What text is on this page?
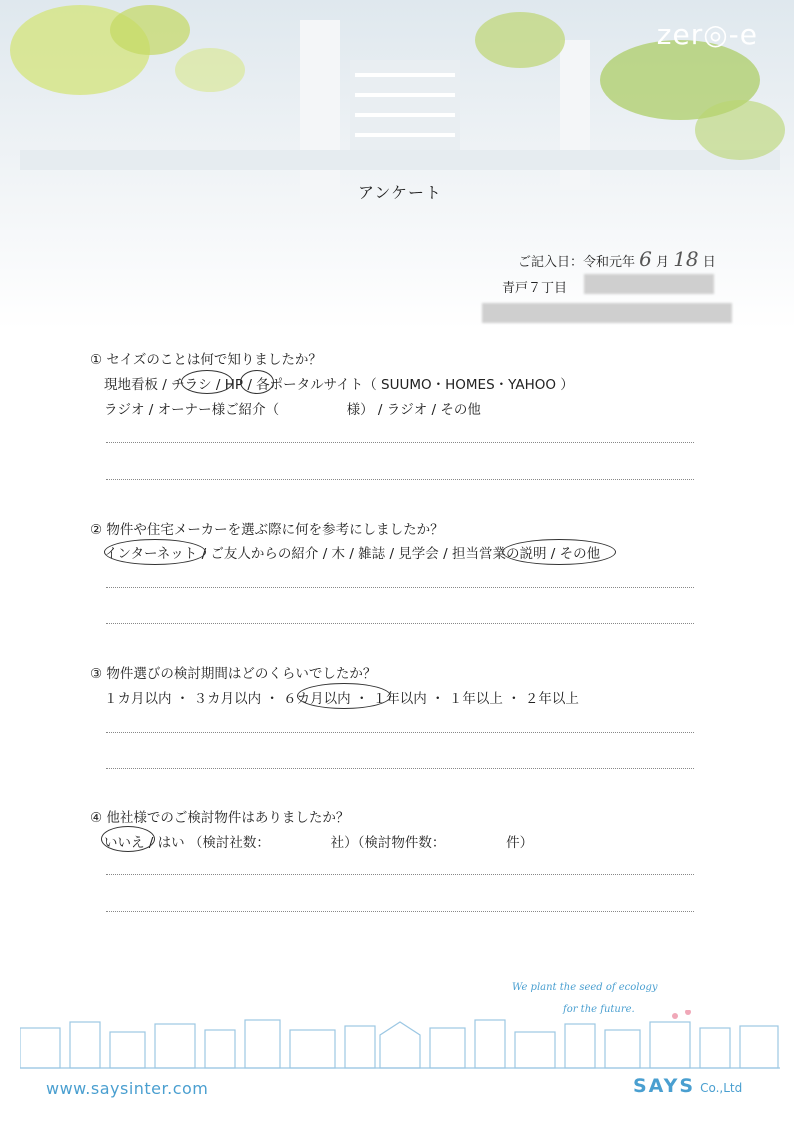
zer◎-e
アンケート
ご記入日：令和元年 6 月 18 日
青戸７丁目
① セイズのことは何で知りましたか？
現地看板 / チラシ / HP / 各ポータルサイト（ SUUMO・HOMES・YAHOO ）
ラジオ / オーナー様ご紹介（　　　　　様） / ラジオ / その他
② 物件や住宅メーカーを選ぶ際に何を参考にしましたか？
インターネット / ご友人からの紹介 / 木 / 雑誌 / 見学会 / 担当営業の説明 / その他
③ 物件選びの検討期間はどのくらいでしたか？
１カ月以内 ・ ３カ月以内 ・ ６カ月以内 ・ １年以内 ・ １年以上 ・ ２年以上
④ 他社様でのご検討物件はありましたか？
いいえ / はい （検討社数：　　　　　社）（検討物件数：　　　　　件）
We plant the seed of ecology
for the future.
www.saysinter.com	SAYS Co.,Ltd
